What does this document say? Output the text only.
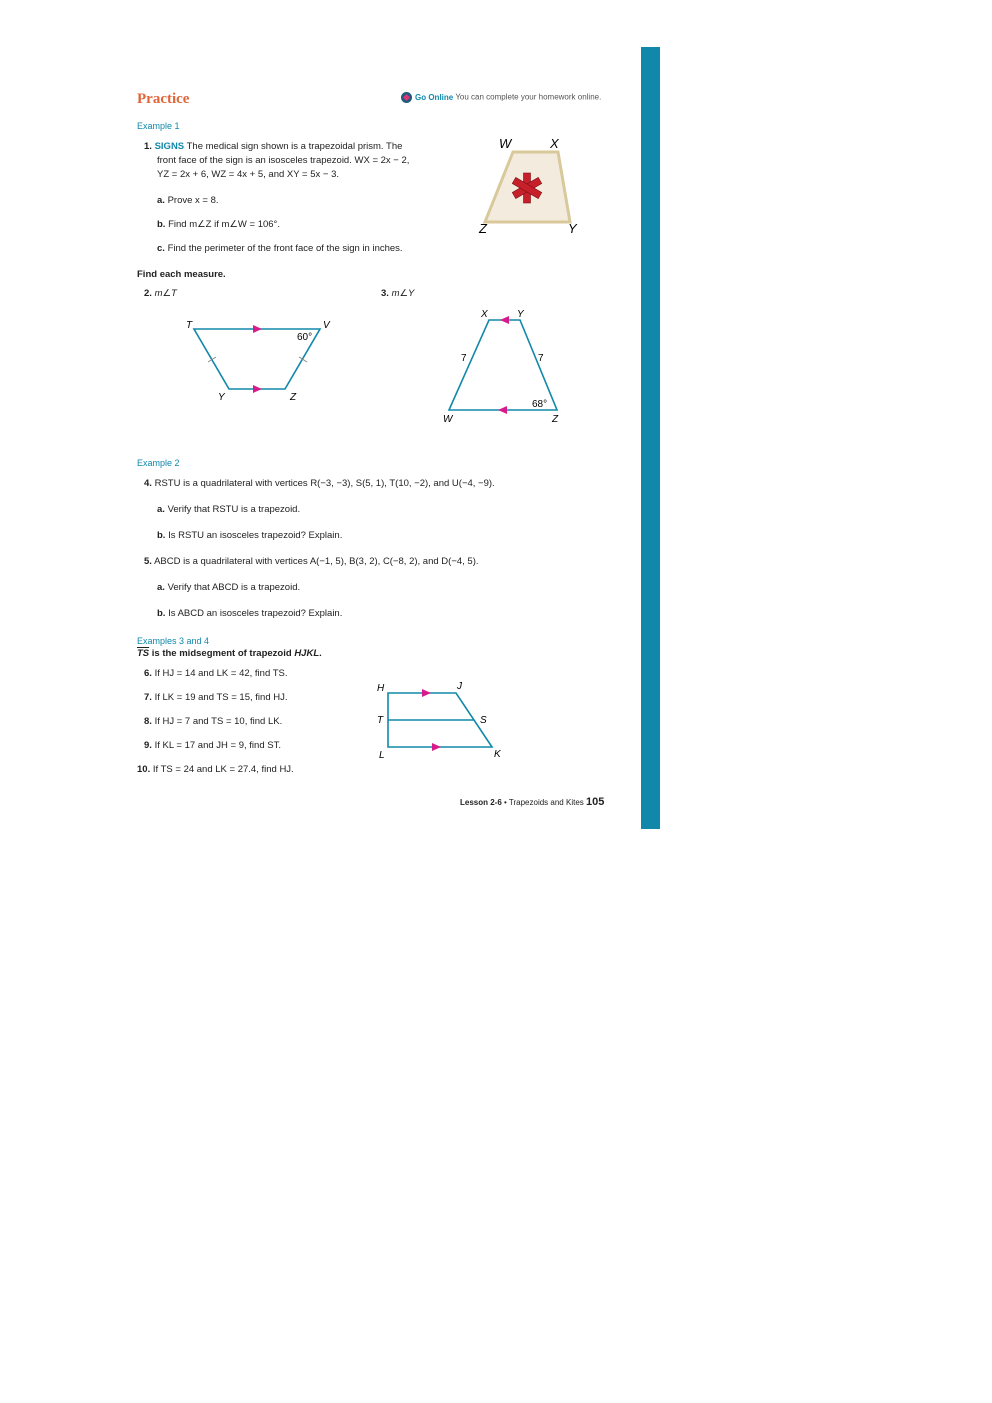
Practice	Go Online You can complete your homework online.
Example 1
1. SIGNS The medical sign shown is a trapezoidal prism. The
front face of the sign is an isosceles trapezoid. WX = 2x − 2,
YZ = 2x + 6, WZ = 4x + 5, and XY = 5x − 3.
a. Prove x = 8.
b. Find m∠Z if m∠W = 106°.
c. Find the perimeter of the front face of the sign in inches.
W	X
Z	Y
Find each measure.
2. m∠T	3. m∠Y
T	V
60°
Y	Z
X	Y
7	7
68°
W	Z
Example 2
4. RSTU is a quadrilateral with vertices R(−3, −3), S(5, 1), T(10, −2), and U(−4, −9).
a. Verify that RSTU is a trapezoid.
b. Is RSTU an isosceles trapezoid? Explain.
5. ABCD is a quadrilateral with vertices A(−1, 5), B(3, 2), C(−8, 2), and D(−4, 5).
a. Verify that ABCD is a trapezoid.
b. Is ABCD an isosceles trapezoid? Explain.
Examples 3 and 4
$\overline{TS}$ is the midsegment of trapezoid HJKL.
6. If HJ = 14 and LK = 42, find TS.
7. If LK = 19 and TS = 15, find HJ.
8. If HJ = 7 and TS = 10, find LK.
9. If KL = 17 and JH = 9, find ST.
10. If TS = 24 and LK = 27.4, find HJ.
H	J
T	S
L	K
Lesson 2-6 • Trapezoids and Kites 105
